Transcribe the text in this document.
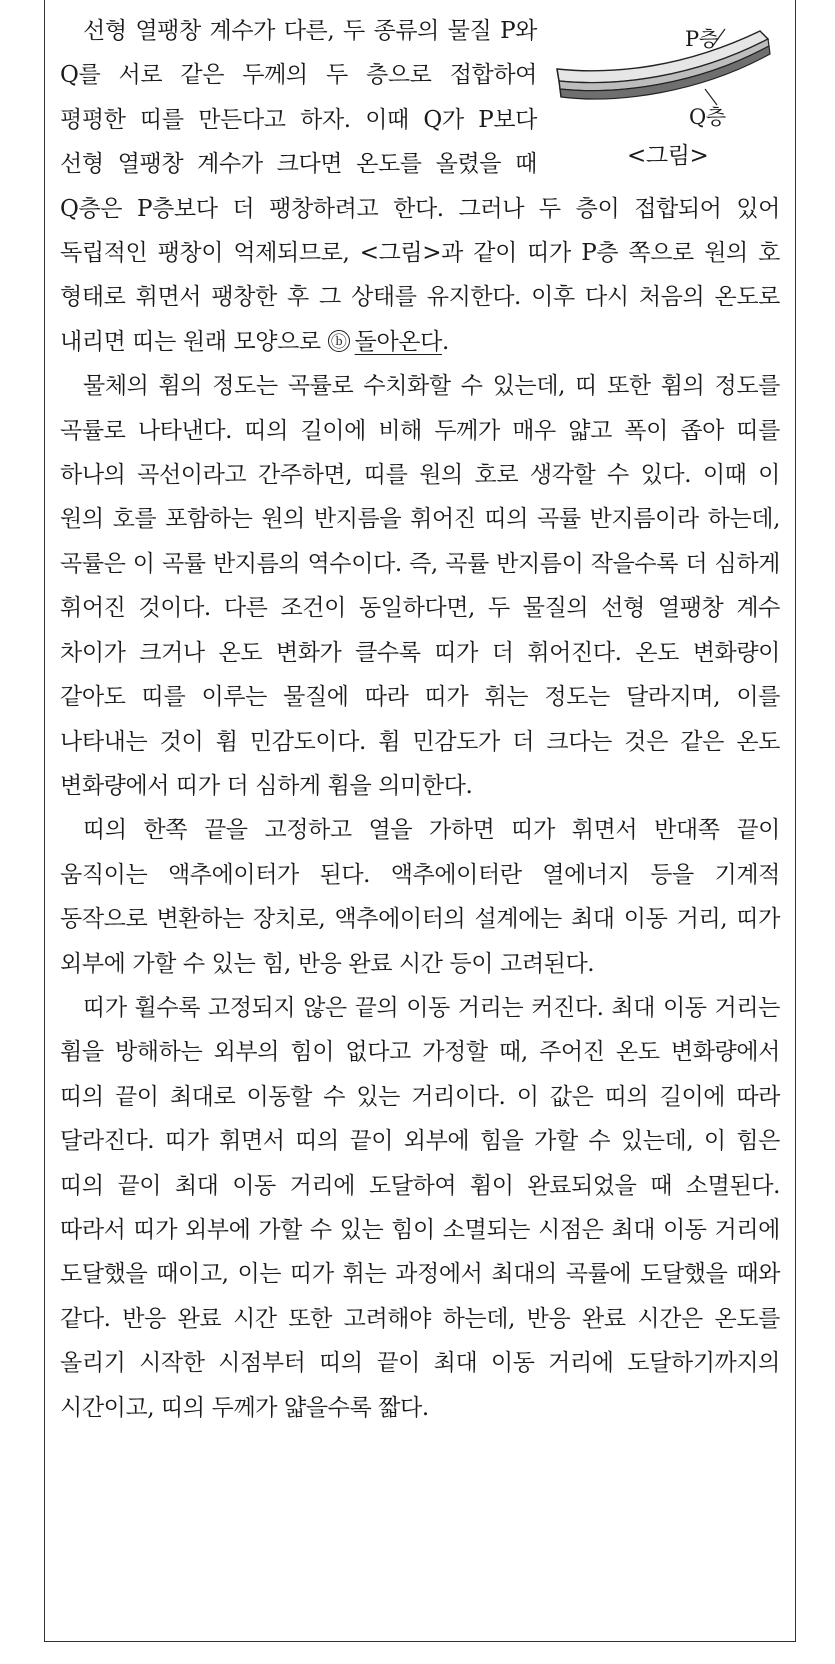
P층
Q층
<그림>
선형 열팽창 계수가 다른, 두 종류의 물질 P와 Q를 서로 같은 두께의 두 층으로 접합하여 평평한 띠를 만든다고 하자. 이때 Q가 P보다 선형 열팽창 계수가 크다면 온도를 올렸을 때 Q층은 P층보다 더 팽창하려고 한다. 그러나 두 층이 접합되어 있어 독립적인 팽창이 억제되므로, <그림>과 같이 띠가 P층 쪽으로 원의 호 형태로 휘면서 팽창한 후 그 상태를 유지한다. 이후 다시 처음의 온도로 내리면 띠는 원래 모양으로 ⓑ 돌아온다.

물체의 휨의 정도는 곡률로 수치화할 수 있는데, 띠 또한 휨의 정도를 곡률로 나타낸다. 띠의 길이에 비해 두께가 매우 얇고 폭이 좁아 띠를 하나의 곡선이라고 간주하면, 띠를 원의 호로 생각할 수 있다. 이때 이 원의 호를 포함하는 원의 반지름을 휘어진 띠의 곡률 반지름이라 하는데, 곡률은 이 곡률 반지름의 역수이다. 즉, 곡률 반지름이 작을수록 더 심하게 휘어진 것이다. 다른 조건이 동일하다면, 두 물질의 선형 열팽창 계수 차이가 크거나 온도 변화가 클수록 띠가 더 휘어진다. 온도 변화량이 같아도 띠를 이루는 물질에 따라 띠가 휘는 정도는 달라지며, 이를 나타내는 것이 휨 민감도이다. 휨 민감도가 더 크다는 것은 같은 온도 변화량에서 띠가 더 심하게 휨을 의미한다.

띠의 한쪽 끝을 고정하고 열을 가하면 띠가 휘면서 반대쪽 끝이 움직이는 액추에이터가 된다. 액추에이터란 열에너지 등을 기계적 동작으로 변환하는 장치로, 액추에이터의 설계에는 최대 이동 거리, 띠가 외부에 가할 수 있는 힘, 반응 완료 시간 등이 고려된다.

띠가 휠수록 고정되지 않은 끝의 이동 거리는 커진다. 최대 이동 거리는 휨을 방해하는 외부의 힘이 없다고 가정할 때, 주어진 온도 변화량에서 띠의 끝이 최대로 이동할 수 있는 거리이다. 이 값은 띠의 길이에 따라 달라진다. 띠가 휘면서 띠의 끝이 외부에 힘을 가할 수 있는데, 이 힘은 띠의 끝이 최대 이동 거리에 도달하여 휨이 완료되었을 때 소멸된다. 따라서 띠가 외부에 가할 수 있는 힘이 소멸되는 시점은 최대 이동 거리에 도달했을 때이고, 이는 띠가 휘는 과정에서 최대의 곡률에 도달했을 때와 같다. 반응 완료 시간 또한 고려해야 하는데, 반응 완료 시간은 온도를 올리기 시작한 시점부터 띠의 끝이 최대 이동 거리에 도달하기까지의 시간이고, 띠의 두께가 얇을수록 짧다.
